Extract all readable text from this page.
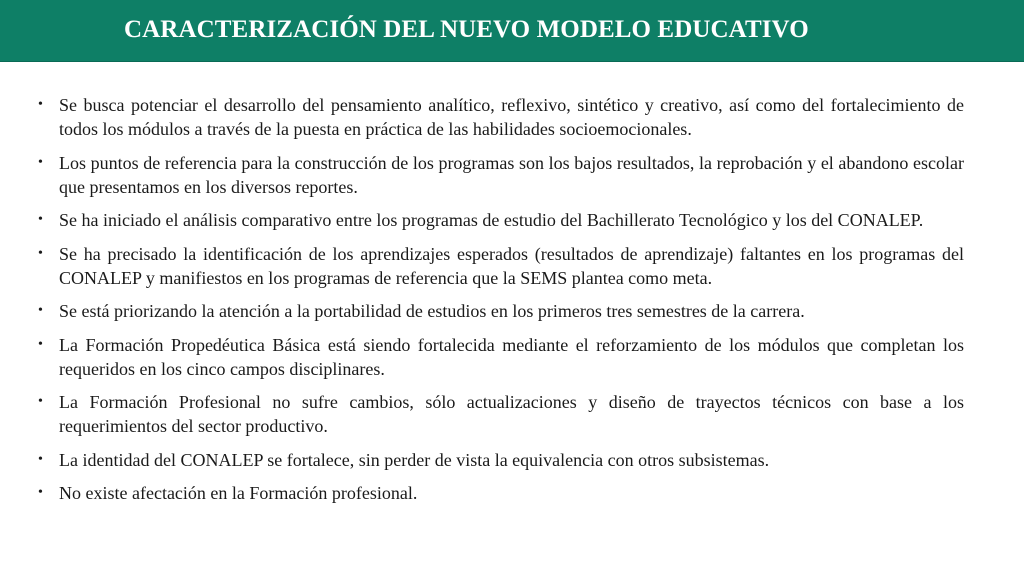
CARACTERIZACIÓN DEL NUEVO MODELO EDUCATIVO
• Se busca potenciar el desarrollo del pensamiento analítico, reflexivo, sintético y creativo, así como del fortalecimiento de todos los módulos a través de la puesta en práctica de las habilidades socioemocionales.
• Los puntos de referencia para la construcción de los programas son los bajos resultados, la reprobación y el abandono escolar que presentamos en los diversos reportes.
• Se ha iniciado el análisis comparativo entre los programas de estudio del Bachillerato Tecnológico y los del CONALEP.
• Se ha precisado la identificación de los aprendizajes esperados (resultados de aprendizaje) faltantes en los programas del CONALEP y manifiestos en los programas de referencia que la SEMS plantea como meta.
• Se está priorizando la atención a la portabilidad de estudios en los primeros tres semestres de la carrera.
• La Formación Propedéutica Básica está siendo fortalecida mediante el reforzamiento de los módulos que completan los requeridos en los cinco campos disciplinares.
• La Formación Profesional no sufre cambios, sólo actualizaciones y diseño de trayectos técnicos con base a los requerimientos del sector productivo.
• La identidad del CONALEP se fortalece, sin perder de vista la equivalencia con otros subsistemas.
• No existe afectación en la Formación profesional.
